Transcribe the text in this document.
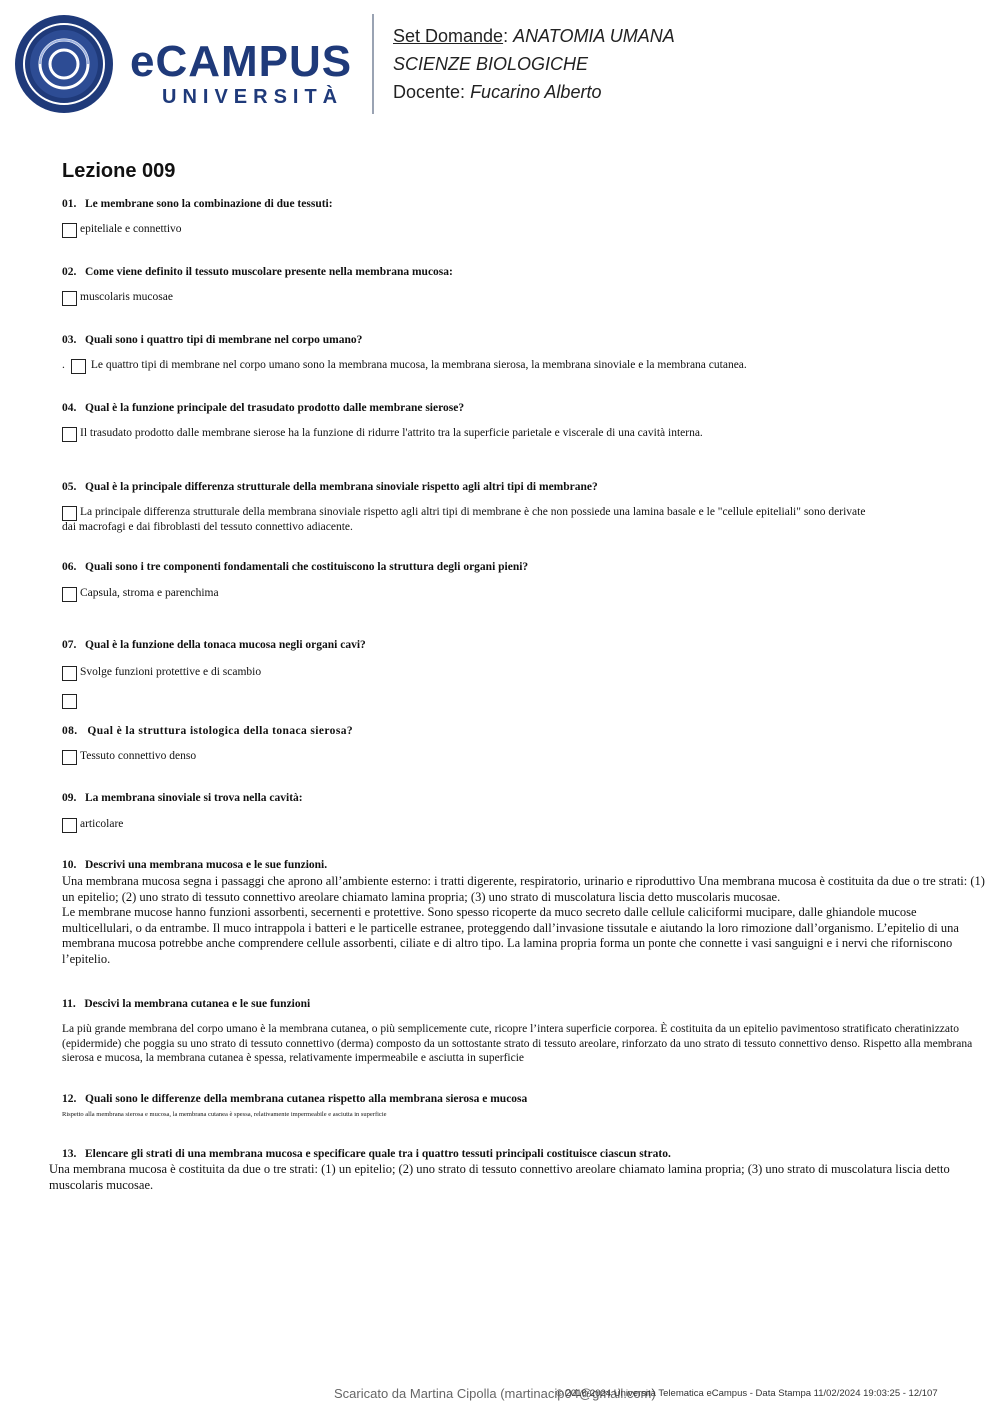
eCAMPUS
UNIVERSITÀ
Set Domande: ANATOMIA UMANA
SCIENZE BIOLOGICHE
Docente: Fucarino Alberto
Lezione 009
01. Le membrane sono la combinazione di due tessuti:
epiteliale e connettivo
02. Come viene definito il tessuto muscolare presente nella membrana mucosa:
muscolaris mucosae
03. Quali sono i quattro tipi di membrane nel corpo umano?
. Le quattro tipi di membrane nel corpo umano sono la membrana mucosa, la membrana sierosa, la membrana sinoviale e la membrana cutanea.
04. Qual è la funzione principale del trasudato prodotto dalle membrane sierose?
Il trasudato prodotto dalle membrane sierose ha la funzione di ridurre l'attrito tra la superficie parietale e viscerale di una cavità interna.
05. Qual è la principale differenza strutturale della membrana sinoviale rispetto agli altri tipi di membrane?
La principale differenza strutturale della membrana sinoviale rispetto agli altri tipi di membrane è che non possiede una lamina basale e le "cellule epiteliali" sono derivate
dai macrofagi e dai fibroblasti del tessuto connettivo adiacente.
06. Quali sono i tre componenti fondamentali che costituiscono la struttura degli organi pieni?
Capsula, stroma e parenchima
07. Qual è la funzione della tonaca mucosa negli organi cavi?
Svolge funzioni protettive e di scambio
08. Qual è la struttura istologica della tonaca sierosa?
Tessuto connettivo denso
09. La membrana sinoviale si trova nella cavità:
articolare
10. Descrivi una membrana mucosa e le sue funzioni.

Una membrana mucosa segna i passaggi che aprono all’ambiente esterno: i tratti digerente, respiratorio, urinario e riproduttivo Una membrana mucosa è costituita da due o tre strati: (1) un epitelio; (2) uno strato di tessuto connettivo areolare chiamato lamina propria; (3) uno strato di muscolatura liscia detto muscolaris mucosae.

Le membrane mucose hanno funzioni assorbenti, secernenti e protettive. Sono spesso ricoperte da muco secreto dalle cellule caliciformi mucipare, dalle ghiandole mucose multicellulari, o da entrambe. Il muco intrappola i batteri e le particelle estranee, proteggendo dall’invasione tissutale e aiutando la loro rimozione dall’organismo. L’epitelio di una membrana mucosa potrebbe anche comprendere cellule assorbenti, ciliate e di altro tipo. La lamina propria forma un ponte che connette i vasi sanguigni e i nervi che riforniscono l’epitelio.

11. Descivi la membrana cutanea e le sue funzioni

La più grande membrana del corpo umano è la membrana cutanea, o più semplicemente cute, ricopre l’intera superficie corporea. È costituita da un epitelio pavimentoso stratificato cheratinizzato (epidermide) che poggia su uno strato di tessuto connettivo (derma) composto da un sottostante strato di tessuto areolare, rinforzato da uno strato di tessuto connettivo denso. Rispetto alla membrana sierosa e mucosa, la membrana cutanea è spessa, relativamente impermeabile e asciutta in superficie

12. Quali sono le differenze della membrana cutanea rispetto alla membrana sierosa e mucosa
Rispetto alla membrana sierosa e mucosa, la membrana cutanea è spessa, relativamente impermeabile e asciutta in superficie
13. Elencare gli strati di una membrana mucosa e specificare quale tra i quattro tessuti principali costituisce ciascun strato.

Una membrana mucosa è costituita da due o tre strati: (1) un epitelio; (2) uno strato di tessuto connettivo areolare chiamato lamina propria; (3) uno strato di muscolatura liscia detto muscolaris mucosae.

Scaricato da Martina Cipolla (martinacip04@gmail.com)
© 2016-2024 Università Telematica eCampus - Data Stampa 11/02/2024 19:03:25 - 12/107
